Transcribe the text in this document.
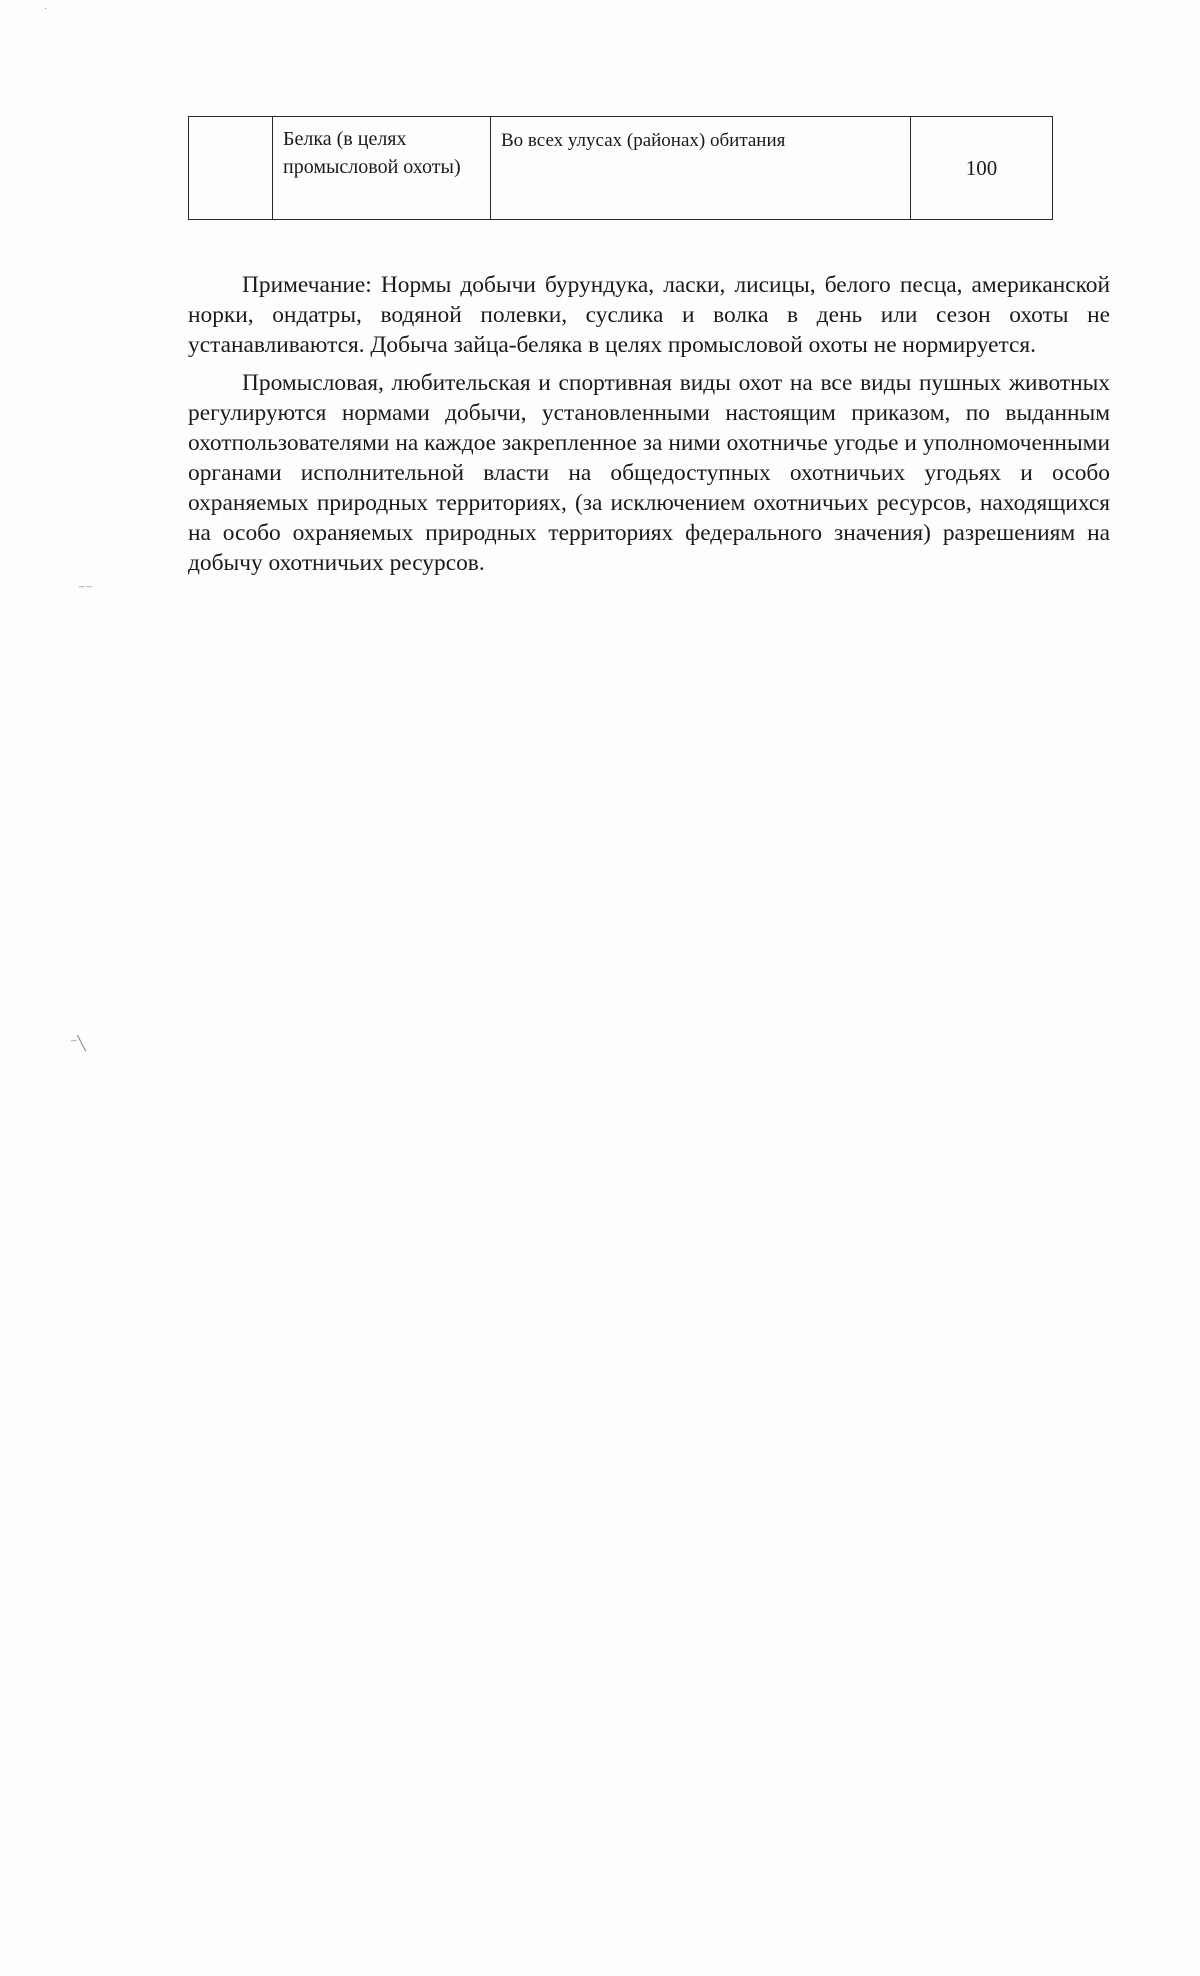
	Белка (в целях промысловой охоты)	Во всех улусах (районах) обитания	100

Примечание: Нормы добычи бурундука, ласки, лисицы, белого песца, американской норки, ондатры, водяной полевки, суслика и волка в день или сезон охоты не устанавливаются. Добыча зайца-беляка в целях промысловой охоты не нормируется.

Промысловая, любительская и спортивная виды охот на все виды пушных животных регулируются нормами добычи, установленными настоящим приказом, по выданным охотпользователями на каждое закрепленное за ними охотничье угодье и уполномоченными органами исполнительной власти на общедоступных охотничьих угодьях и особо охраняемых природных территориях, (за исключением охотничьих ресурсов, находящихся на особо охраняемых природных территориях федерального значения) разрешениям на добычу охотничьих ресурсов.

⁻⁻
⁻╲
·
